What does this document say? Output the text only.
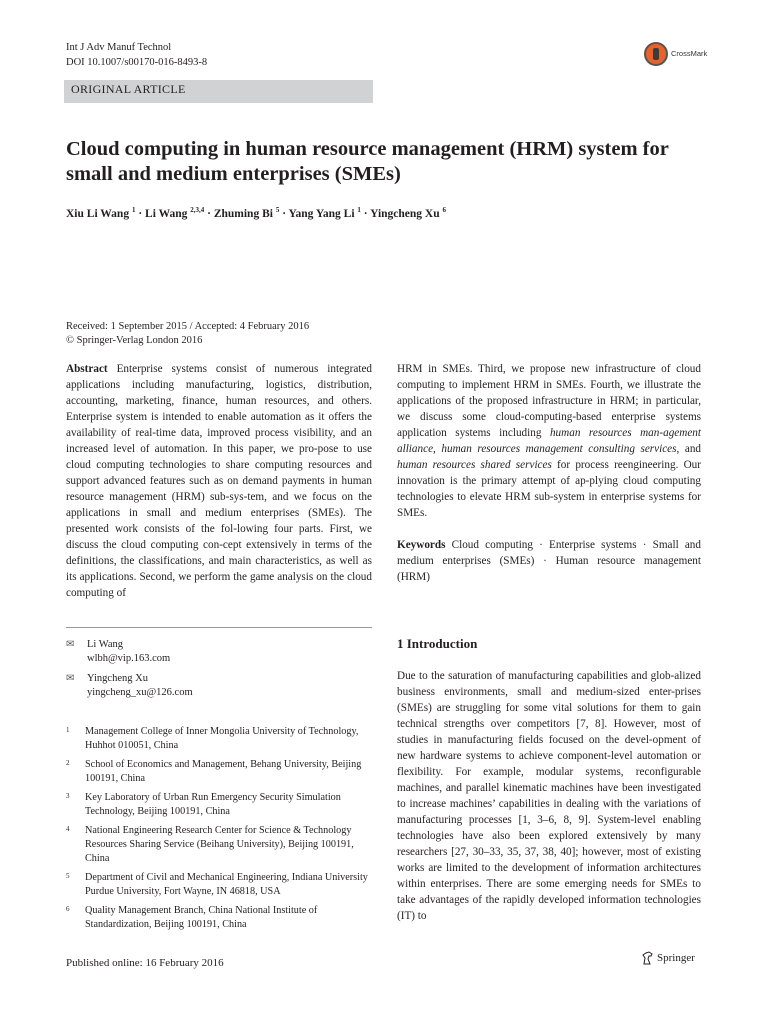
Int J Adv Manuf Technol
DOI 10.1007/s00170-016-8493-8
CrossMark
ORIGINAL ARTICLE
Cloud computing in human resource management (HRM) system for small and medium enterprises (SMEs)
Xiu Li Wang $^1$ · Li Wang $^{2,3,4}$ · Zhuming Bi $^5$ · Yang Yang Li $^1$ · Yingcheng Xu $^6$
Received: 1 September 2015 / Accepted: 4 February 2016
© Springer-Verlag London 2016
Abstract Enterprise systems consist of numerous integrated applications including manufacturing, logistics, distribution, accounting, marketing, finance, human resources, and others. Enterprise system is intended to enable automation as it offers the availability of real-time data, improved process visibility, and an increased level of automation. In this paper, we pro-pose to use cloud computing technologies to share computing resources and support advanced features such as on demand payments in human resource management (HRM) sub-sys-tem, and we focus on the applications in small and medium enterprises (SMEs). The presented work consists of the fol-lowing four parts. First, we discuss the cloud computing con-cept extensively in terms of the definitions, the classifications, and main characteristics, as well as its applications. Second, we perform the game analysis on the cloud computing of
HRM in SMEs. Third, we propose new infrastructure of cloud computing to implement HRM in SMEs. Fourth, we illustrate the applications of the proposed infrastructure in HRM; in particular, we discuss some cloud-computing-based enterprise systems application systems including human resources man-agement alliance, human resources management consulting services, and human resources shared services for process reengineering. Our innovation is the primary attempt of ap-plying cloud computing technologies to elevate HRM sub-system in enterprise systems for SMEs.
Keywords Cloud computing · Enterprise systems · Small and medium enterprises (SMEs) · Human resource management (HRM)
✉	Li Wang
wlbh@vip.163.com
✉	Yingcheng Xu
yingcheng_xu@126.com
1	Management College of Inner Mongolia University of Technology, Huhhot 010051, China
2	School of Economics and Management, Behang University, Beijing 100191, China
3	Key Laboratory of Urban Run Emergency Security Simulation Technology, Beijing 100191, China
4	National Engineering Research Center for Science & Technology Resources Sharing Service (Beihang University), Beijing 100191, China
5	Department of Civil and Mechanical Engineering, Indiana University Purdue University, Fort Wayne, IN 46818, USA
6	Quality Management Branch, China National Institute of Standardization, Beijing 100191, China
1 Introduction
Due to the saturation of manufacturing capabilities and glob-alized business environments, small and medium-sized enter-prises (SMEs) are struggling for some vital solutions for them to gain technical strengths over competitors [7, 8]. However, most of studies in manufacturing fields focused on the devel-opment of new hardware systems to achieve component-level automation or flexibility. For example, modular systems, reconfigurable machines, and parallel kinematic machines have been investigated to increase machines’ capabilities in dealing with the variations of manufacturing processes [1, 3–6, 8, 9]. System-level enabling technologies have also been explored extensively by many researchers [27, 30–33, 35, 37, 38, 40]; however, most of existing works are limited to the development of information architectures within enterprises. There are some emerging needs for SMEs to take advantages of the rapidly developed information technologies (IT) to
Published online: 16 February 2016	Springer
